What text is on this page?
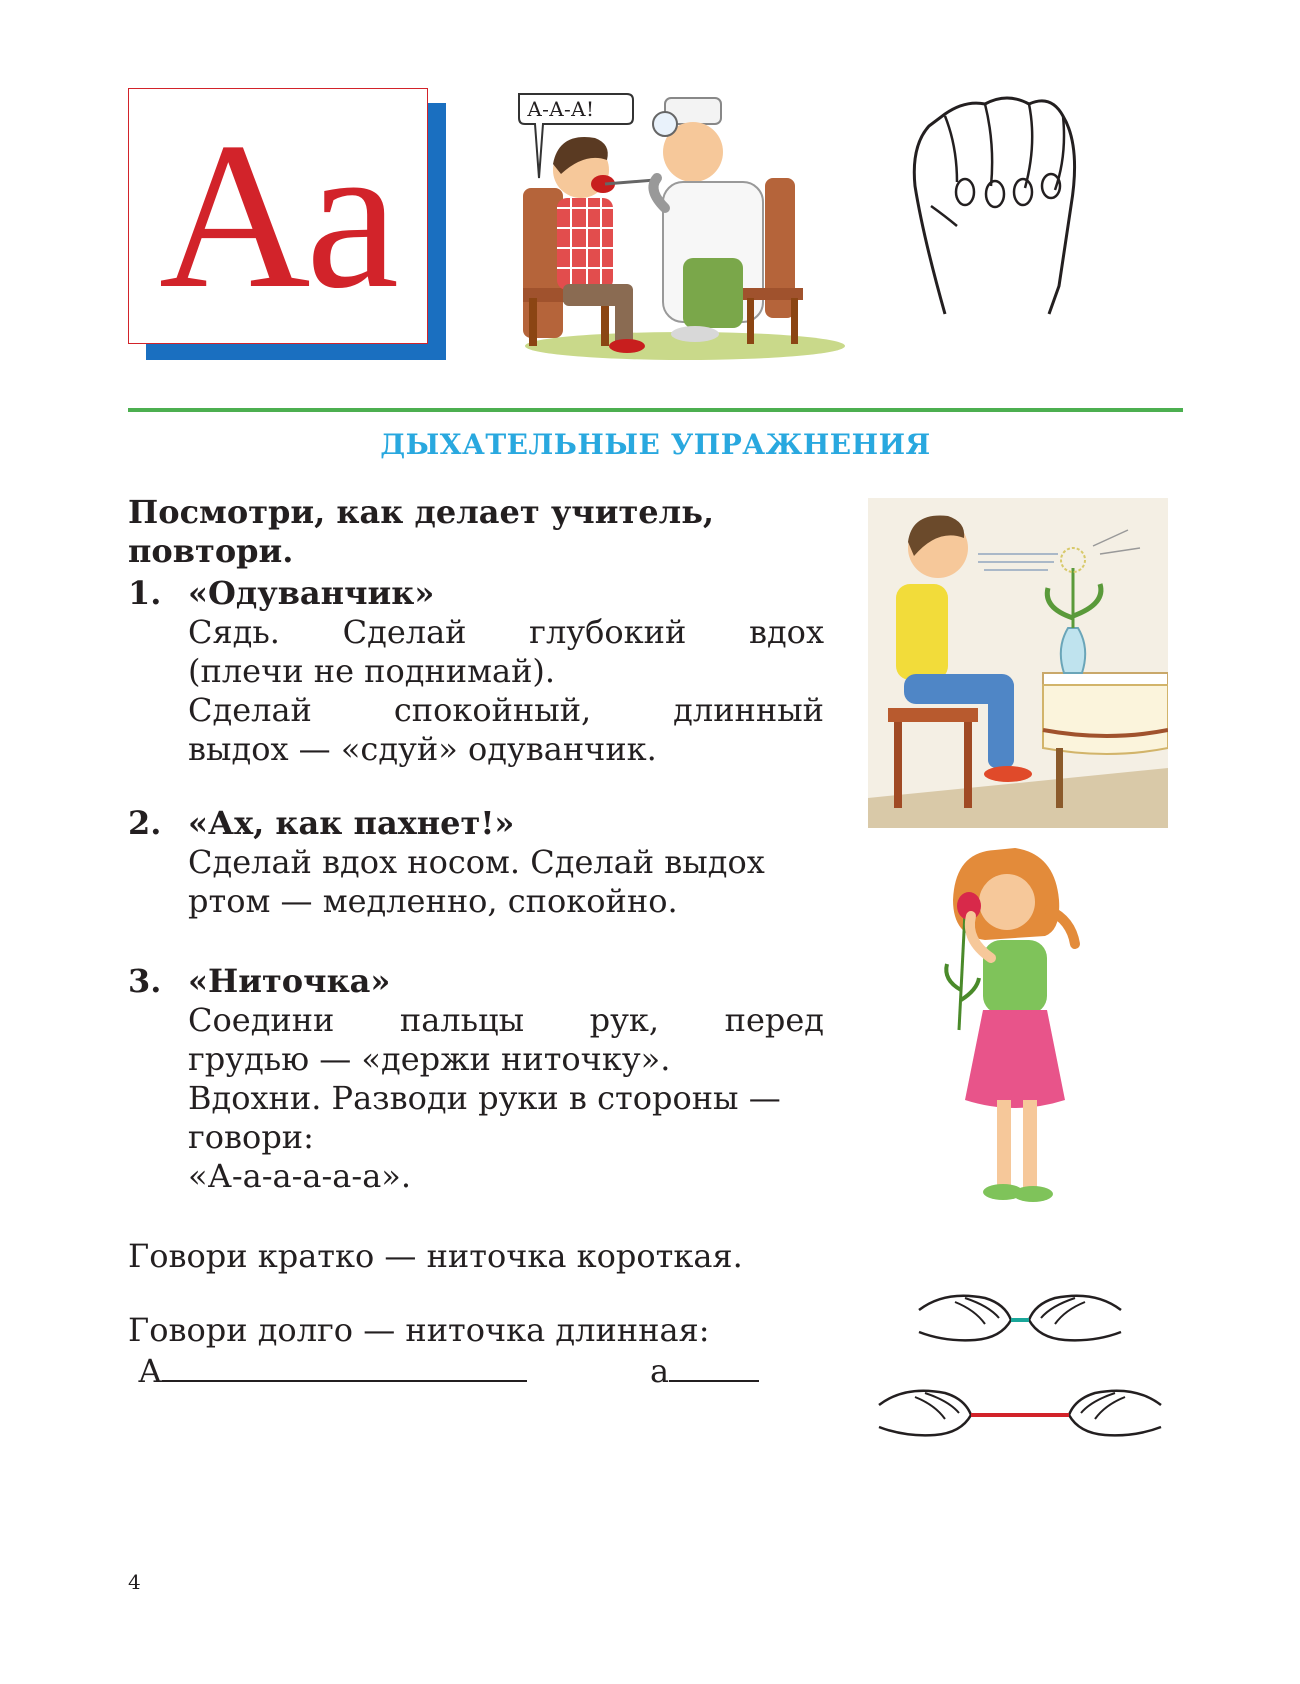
Аа	А-А-А!
ДЫХАТЕЛЬНЫЕ УПРАЖНЕНИЯ
Посмотри, как делает учитель,
повтори.
1. «Одуванчик»
Сядь. Сделай глубокий вдох
(плечи не поднимай).
Сделай	спокойный,	длинный
выдох — «сдуй» одуванчик.
2. «Ах, как пахнет!»
Сделай вдох носом. Сделай выдох
ртом — медленно, спокойно.
3. «Ниточка»
Соедини пальцы рук, перед
грудью — «держи ниточку».
Вдохни. Разводи руки в стороны —
говори:
«А-а-а-а-а-а».
Говори кратко — ниточка короткая.
Говори долго — ниточка длинная:
А	а
4
